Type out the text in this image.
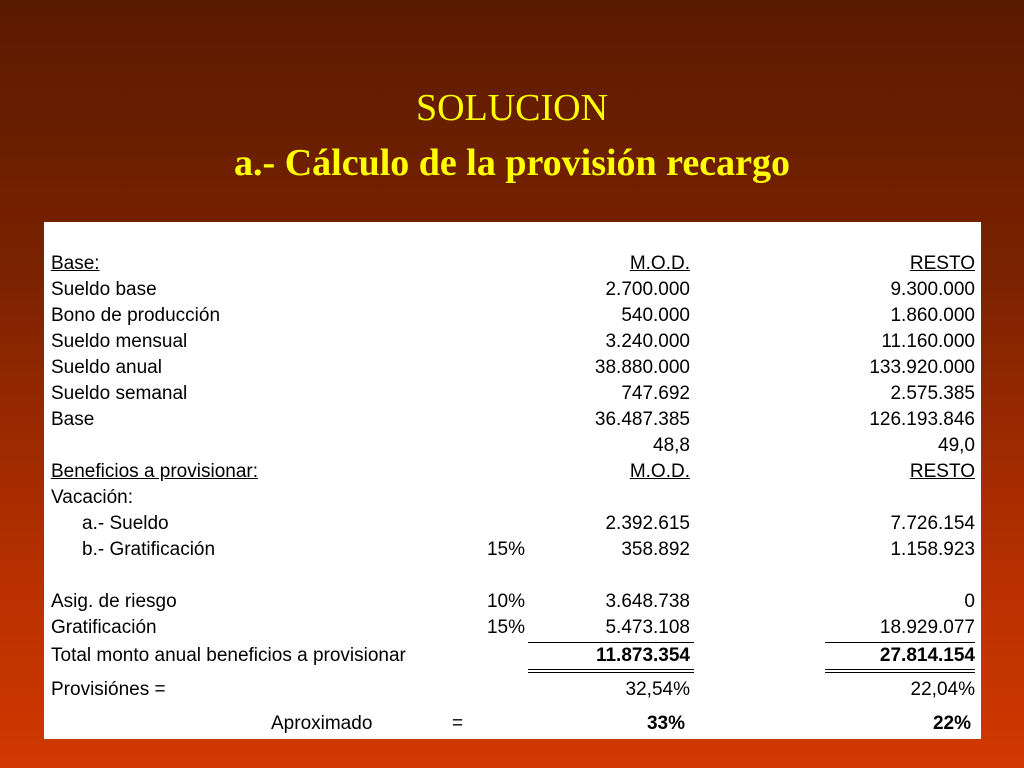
SOLUCION
a.- Cálculo de la provisión recargo
Base:	M.O.D.	RESTO
Sueldo base	2.700.000	9.300.000
Bono de producción	540.000	1.860.000
Sueldo mensual	3.240.000	11.160.000
Sueldo anual	38.880.000	133.920.000
Sueldo semanal	747.692	2.575.385
Base	36.487.385	126.193.846
48,8	49,0
Beneficios a provisionar:	M.O.D.	RESTO
Vacación:
a.- Sueldo	2.392.615	7.726.154
b.- Gratificación	15%	358.892	1.158.923
Asig. de riesgo	10%	3.648.738	0
Gratificación	15%	5.473.108	18.929.077
Total monto anual beneficios a provisionar	11.873.354	27.814.154
Provisiónes =	32,54%	22,04%
Aproximado	=	33%	22%
